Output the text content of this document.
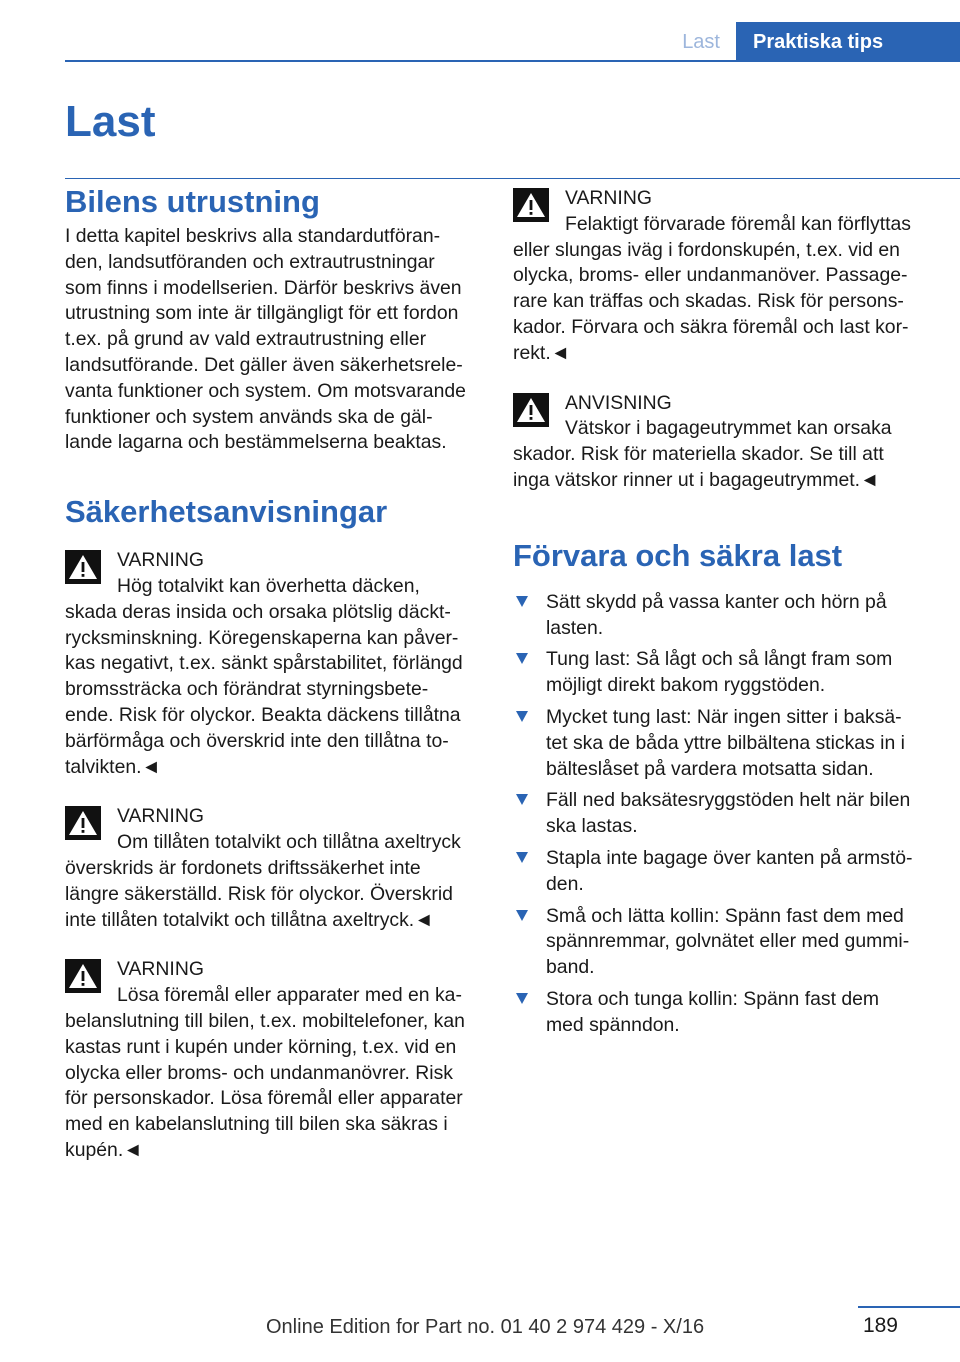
Last	Praktiska tips
Last
Bilens utrustning

I detta kapitel beskrivs alla standardutföran‐
den, landsutföranden och extrautrustningar
som finns i modellserien. Därför beskrivs även
utrustning som inte är tillgängligt för ett fordon
t.ex. på grund av vald extrautrustning eller
landsutförande. Det gäller även säkerhetsrele‐
vanta funktioner och system. Om motsvarande
funktioner och system används ska de gäl‐
lande lagarna och bestämmelserna beaktas.

Säkerhetsanvisningar
VARNING
Hög totalvikt kan överhetta däcken,
skada deras insida och orsaka plötslig däckt‐
rycksminskning. Köregenskaperna kan påver‐
kas negativt, t.ex. sänkt spårstabilitet, förlängd
bromssträcka och förändrat styrningsbete‐
ende. Risk för olyckor. Beakta däckens tillåtna
bärförmåga och överskrid inte den tillåtna to‐
talvikten.◄
VARNING
Om tillåten totalvikt och tillåtna axeltryck
överskrids är fordonets driftssäkerhet inte
längre säkerställd. Risk för olyckor. Överskrid
inte tillåten totalvikt och tillåtna axeltryck.◄
VARNING
Lösa föremål eller apparater med en ka‐
belanslutning till bilen, t.ex. mobiltelefoner, kan
kastas runt i kupén under körning, t.ex. vid en
olycka eller broms- och undanmanövrer. Risk
för personskador. Lösa föremål eller apparater
med en kabelanslutning till bilen ska säkras i
kupén.◄
VARNING
Felaktigt förvarade föremål kan förflyttas
eller slungas iväg i fordonskupén, t.ex. vid en
olycka, broms- eller undanmanöver. Passage‐
rare kan träffas och skadas. Risk för persons‐
kador. Förvara och säkra föremål och last kor‐
rekt.◄
ANVISNING
Vätskor i bagageutrymmet kan orsaka
skador. Risk för materiella skador. Se till att
inga vätskor rinner ut i bagageutrymmet.◄
Förvara och säkra last
Sätt skydd på vassa kanter och hörn på
lasten.
Tung last: Så lågt och så långt fram som
möjligt direkt bakom ryggstöden.
Mycket tung last: När ingen sitter i baksä‐
tet ska de båda yttre bilbältena stickas in i
bälteslåset på vardera motsatta sidan.
Fäll ned baksätesryggstöden helt när bilen
ska lastas.
Stapla inte bagage över kanten på armstö‐
den.
Små och lätta kollin: Spänn fast dem med
spännremmar, golvnätet eller med gummi‐
band.
Stora och tunga kollin: Spänn fast dem
med spänndon.
189
Online Edition for Part no. 01 40 2 974 429 - X/16
